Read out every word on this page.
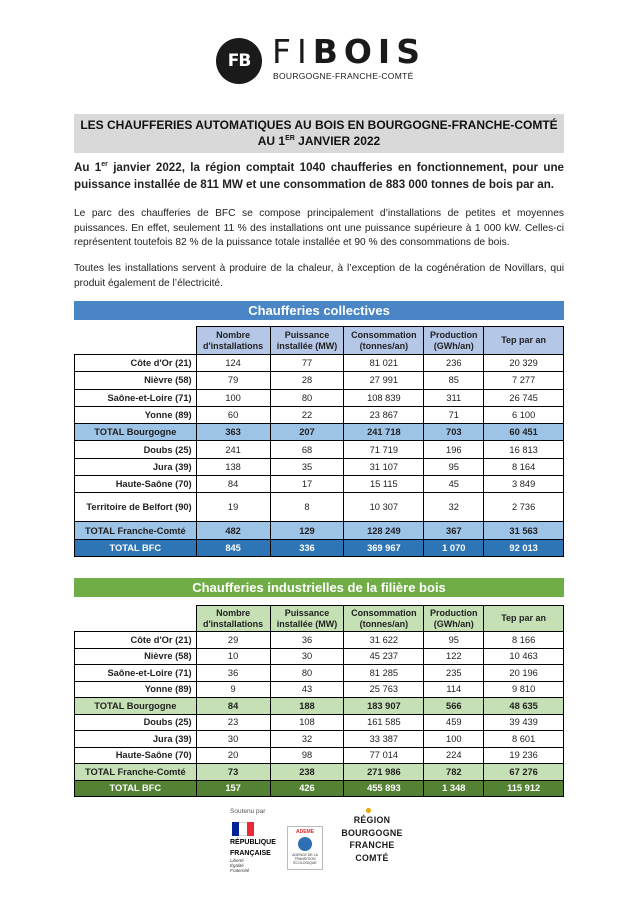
FB FIBOIS
BOURGOGNE-FRANCHE-COMTÉ
LES CHAUFFERIES AUTOMATIQUES AU BOIS EN BOURGOGNE-FRANCHE-COMTÉ
AU 1ER JANVIER 2022
Au 1er janvier 2022, la région comptait 1040 chaufferies en fonctionnement, pour une puissance installée de 811 MW et une consommation de 883 000 tonnes de bois par an.
Le parc des chaufferies de BFC se compose principalement d’installations de petites et moyennes puissances. En effet, seulement 11 % des installations ont une puissance supérieure à 1 000 kW. Celles-ci représentent toutefois 82 % de la puissance totale installée et 90 % des consommations de bois.
Toutes les installations servent à produire de la chaleur, à l’exception de la cogénération de Novillars, qui produit également de l’électricité.
Chaufferies collectives
	Nombre d'installations	Puissance installée (MW)	Consommation (tonnes/an)	Production (GWh/an)	Tep par an
Côte d'Or (21)	124	77	81 021	236	20 329
Nièvre (58)	79	28	27 991	85	7 277
Saône-et-Loire (71)	100	80	108 839	311	26 745
Yonne (89)	60	22	23 867	71	6 100
TOTAL Bourgogne	363	207	241 718	703	60 451
Doubs (25)	241	68	71 719	196	16 813
Jura (39)	138	35	31 107	95	8 164
Haute-Saône (70)	84	17	15 115	45	3 849
Territoire de Belfort (90)	19	8	10 307	32	2 736
TOTAL Franche-Comté	482	129	128 249	367	31 563
TOTAL BFC	845	336	369 967	1 070	92 013
Chaufferies industrielles de la filière bois
	Nombre d'installations	Puissance installée (MW)	Consommation (tonnes/an)	Production (GWh/an)	Tep par an
Côte d'Or (21)	29	36	31 622	95	8 166
Nièvre (58)	10	30	45 237	122	10 463
Saône-et-Loire (71)	36	80	81 285	235	20 196
Yonne (89)	9	43	25 763	114	9 810
TOTAL Bourgogne	84	188	183 907	566	48 635
Doubs (25)	23	108	161 585	459	39 439
Jura (39)	30	32	33 387	100	8 601
Haute-Saône (70)	20	98	77 014	224	19 236
TOTAL Franche-Comté	73	238	271 986	782	67 276
TOTAL BFC	157	426	455 893	1 348	115 912
Soutenu par
RÉPUBLIQUE
FRANÇAISE
Liberté
Égalité
Fraternité
ADEME
AGENCE DE LA TRANSITION ÉCOLOGIQUE
RÉGION
BOURGOGNE
FRANCHE
COMTÉ
